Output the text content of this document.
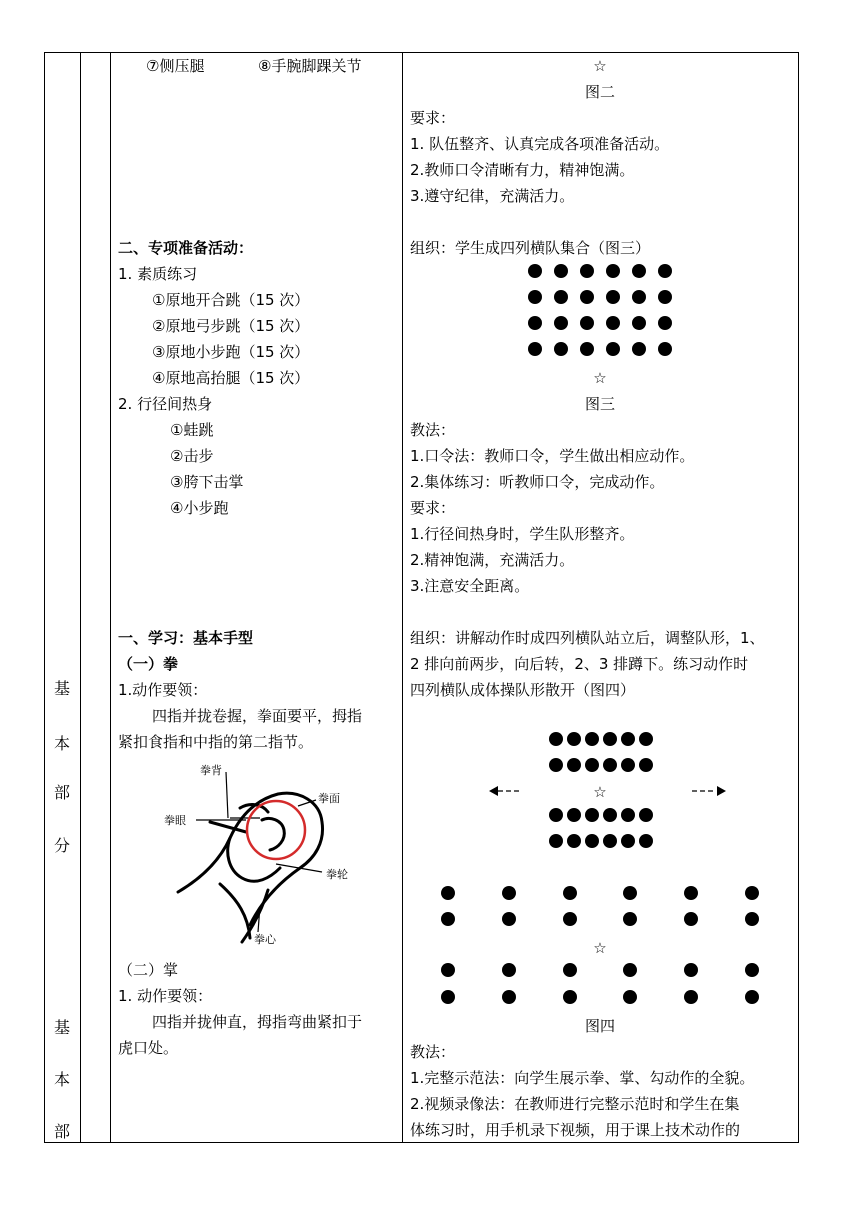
基
本
部
分
基
本
部
⑦侧压腿	⑧手腕脚踝关节
二、专项准备活动：
1. 素质练习
①原地开合跳（15 次）
②原地弓步跳（15 次）
③原地小步跑（15 次）
④原地高抬腿（15 次）
2. 行径间热身
①蛙跳
②击步
③胯下击掌
④小步跑
一、学习：基本手型
（一）拳
1.动作要领：
四指并拢卷握，拳面要平，拇指
紧扣食指和中指的第二指节。
拳背
拳面
拳眼
拳轮
拳心
（二）掌
1. 动作要领：
四指并拢伸直，拇指弯曲紧扣于
虎口处。
☆
图二
要求：
1. 队伍整齐、认真完成各项准备活动。
2.教师口令清晰有力，精神饱满。
3.遵守纪律，充满活力。
组织：学生成四列横队集合（图三）
☆
图三
教法：
1.口令法：教师口令，学生做出相应动作。
2.集体练习：听教师口令，完成动作。
要求：
1.行径间热身时，学生队形整齐。
2.精神饱满，充满活力。
3.注意安全距离。
组织：讲解动作时成四列横队站立后，调整队形，1、
2 排向前两步，向后转，2、3 排蹲下。练习动作时
四列横队成体操队形散开（图四）
☆
☆
图四
教法：
1.完整示范法：向学生展示拳、掌、勾动作的全貌。
2.视频录像法：在教师进行完整示范时和学生在集
体练习时，用手机录下视频，用于课上技术动作的
